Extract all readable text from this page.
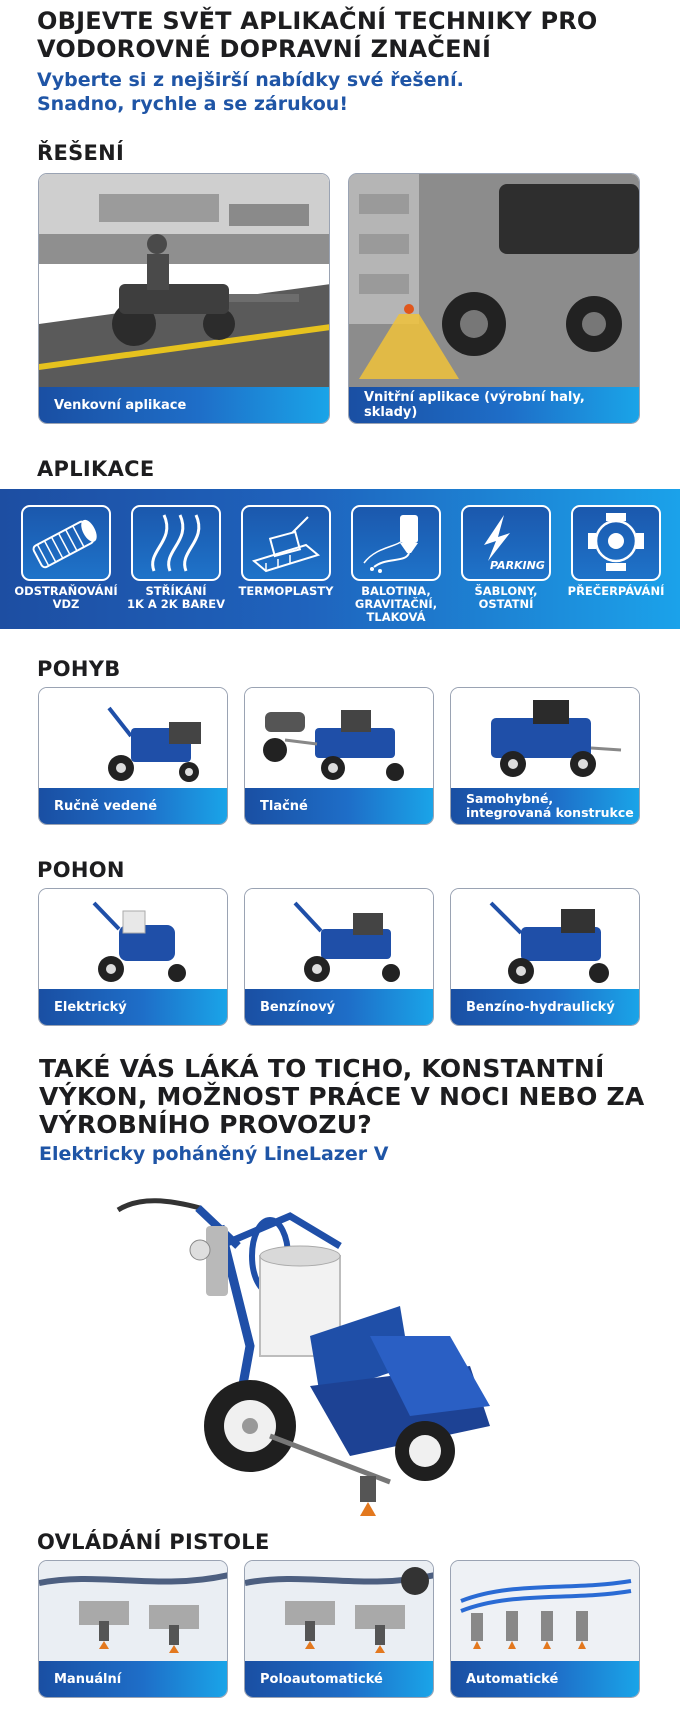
OBJEVTE SVĚT APLIKAČNÍ TECHNIKY PRO
VODOROVNÉ DOPRAVNÍ ZNAČENÍ
Vyberte si z nejširší nabídky své řešení.
Snadno, rychle a se zárukou!
ŘEŠENÍ
Venkovní aplikace	Vnitřní aplikace (výrobní haly, sklady)
APLIKACE
ODSTRAŇOVÁNÍ
VDZ
STŘÍKÁNÍ
1K A 2K BAREV
TERMOPLASTY	BALOTINA,
GRAVITAČNÍ,
TLAKOVÁ
PARKING
ŠABLONY,
OSTATNÍ
PŘEČERPÁVÁNÍ
POHYB
Ručně vedené	Tlačné	Samohybné,
integrovaná konstrukce
POHON
Elektrický	Benzínový	Benzíno-hydraulický
TAKÉ VÁS LÁKÁ TO TICHO, KONSTANTNÍ
VÝKON, MOŽNOST PRÁCE V NOCI NEBO ZA
VÝROBNÍHO PROVOZU?
Elektricky poháněný LineLazer V
OVLÁDÁNÍ PISTOLE
Manuální	Poloautomatické	Automatické
